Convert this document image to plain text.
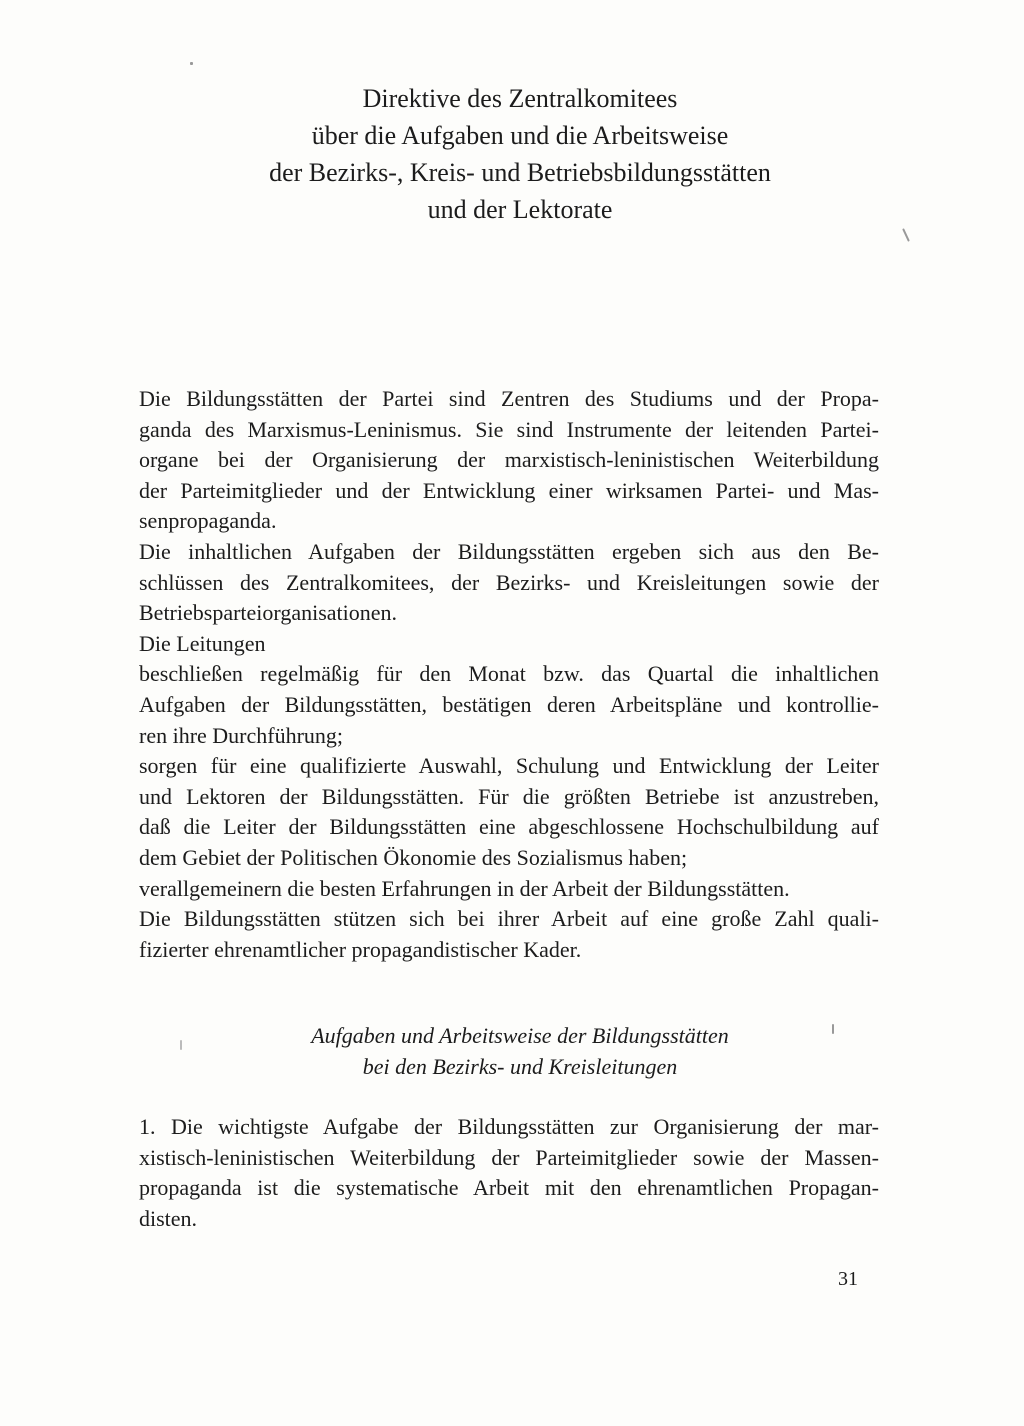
Direktive des Zentralkomitees
über die Aufgaben und die Arbeitsweise
der Bezirks-, Kreis- und Betriebsbildungsstätten
und der Lektorate
Die Bildungsstätten der Partei sind Zentren des Studiums und der Propa-
ganda des Marxismus-Leninismus. Sie sind Instrumente der leitenden Partei-
organe bei der Organisierung der marxistisch-leninistischen Weiterbildung
der Parteimitglieder und der Entwicklung einer wirksamen Partei- und Mas-
senpropaganda.
Die inhaltlichen Aufgaben der Bildungsstätten ergeben sich aus den Be-
schlüssen des Zentralkomitees, der Bezirks- und Kreisleitungen sowie der
Betriebsparteiorganisationen.
Die Leitungen
beschließen regelmäßig für den Monat bzw. das Quartal die inhaltlichen
Aufgaben der Bildungsstätten, bestätigen deren Arbeitspläne und kontrollie-
ren ihre Durchführung;
sorgen für eine qualifizierte Auswahl, Schulung und Entwicklung der Leiter
und Lektoren der Bildungsstätten. Für die größten Betriebe ist anzustreben,
daß die Leiter der Bildungsstätten eine abgeschlossene Hochschulbildung auf
dem Gebiet der Politischen Ökonomie des Sozialismus haben;
verallgemeinern die besten Erfahrungen in der Arbeit der Bildungsstätten.
Die Bildungsstätten stützen sich bei ihrer Arbeit auf eine große Zahl quali-
fizierter ehrenamtlicher propagandistischer Kader.
Aufgaben und Arbeitsweise der Bildungsstätten
bei den Bezirks- und Kreisleitungen
1. Die wichtigste Aufgabe der Bildungsstätten zur Organisierung der mar-
xistisch-leninistischen Weiterbildung der Parteimitglieder sowie der Massen-
propaganda ist die systematische Arbeit mit den ehrenamtlichen Propagan-
disten.
31
